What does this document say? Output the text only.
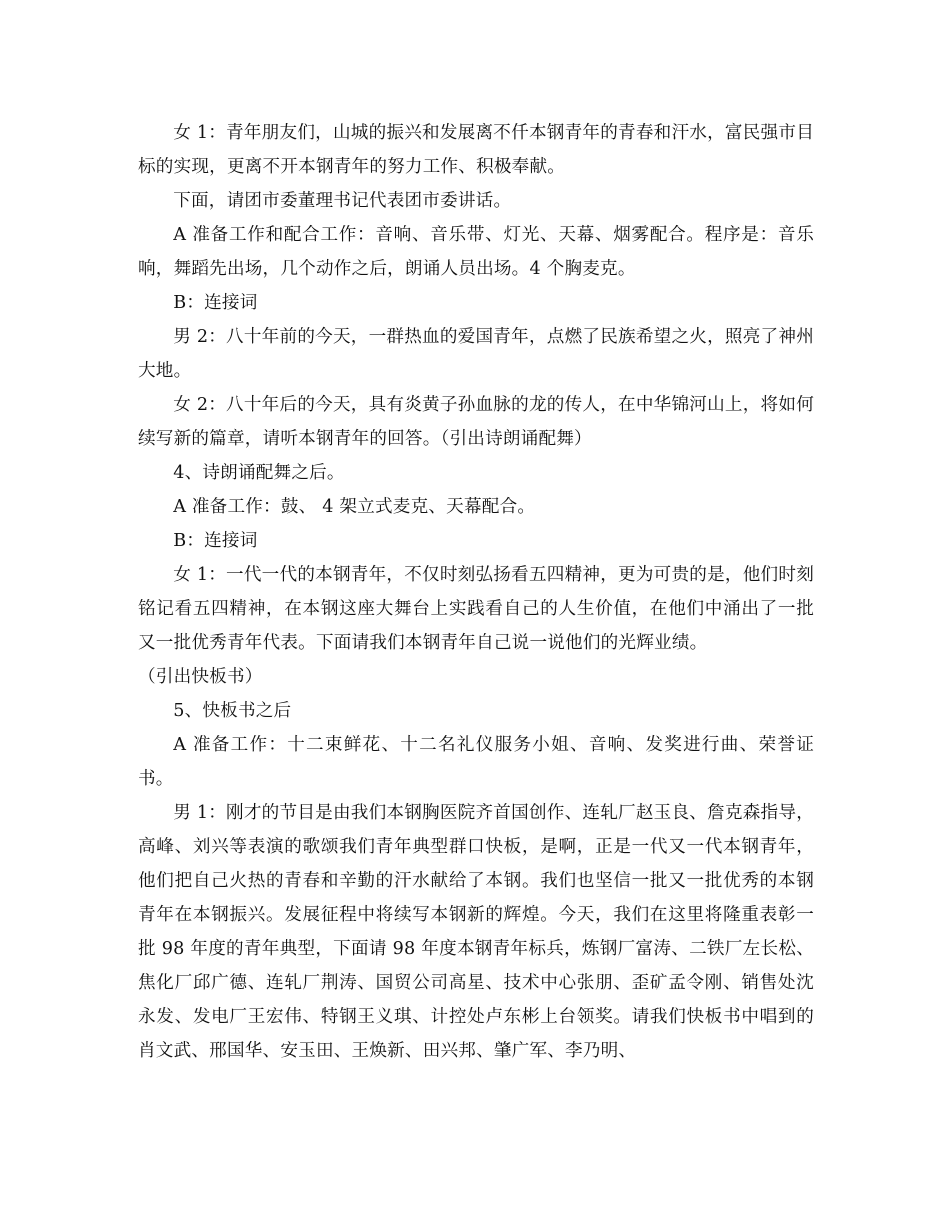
女 1：青年朋友们，山城的振兴和发展离不仟本钢青年的青春和汗水，富民强市目标的实现，更离不开本钢青年的努力工作、积极奉献。

下面，请团市委董理书记代表团市委讲话。

A 准备工作和配合工作：音响、音乐带、灯光、天幕、烟雾配合。程序是：音乐响，舞蹈先出场，几个动作之后，朗诵人员出场。4 个胸麦克。

B：连接词

男 2：八十年前的今天，一群热血的爱国青年，点燃了民族希望之火，照亮了神州大地。

女 2：八十年后的今天，具有炎黄子孙血脉的龙的传人，在中华锦河山上，将如何续写新的篇章，请听本钢青年的回答。（引出诗朗诵配舞）

4、诗朗诵配舞之后。

A 准备工作：鼓、 4 架立式麦克、天幕配合。

B：连接词

女 1：一代一代的本钢青年，不仅时刻弘扬看五四精神，更为可贵的是，他们时刻铭记看五四精神，在本钢这座大舞台上实践看自己的人生价值，在他们中涌出了一批又一批优秀青年代表。下面请我们本钢青年自己说一说他们的光辉业绩。

（引出快板书）

5、快板书之后

A 准备工作：十二束鲜花、十二名礼仪服务小姐、音响、发奖进行曲、荣誉证书。

男 1：刚才的节目是由我们本钢胸医院齐首国创作、连轧厂赵玉良、詹克森指导，高峰、刘兴等表演的歌颂我们青年典型群口快板，是啊，正是一代又一代本钢青年，他们把自己火热的青春和辛勤的汗水献给了本钢。我们也坚信一批又一批优秀的本钢青年在本钢振兴。发展征程中将续写本钢新的辉煌。今天，我们在这里将隆重表彰一批 98 年度的青年典型，下面请 98 年度本钢青年标兵，炼钢厂富涛、二铁厂左长松、焦化厂邱广德、连轧厂荆涛、国贸公司高星、技术中心张朋、歪矿孟令刚、销售处沈永发、发电厂王宏伟、特钢王义琪、计控处卢东彬上台领奖。请我们快板书中唱到的肖文武、邢国华、安玉田、王焕新、田兴邦、肇广军、李乃明、
